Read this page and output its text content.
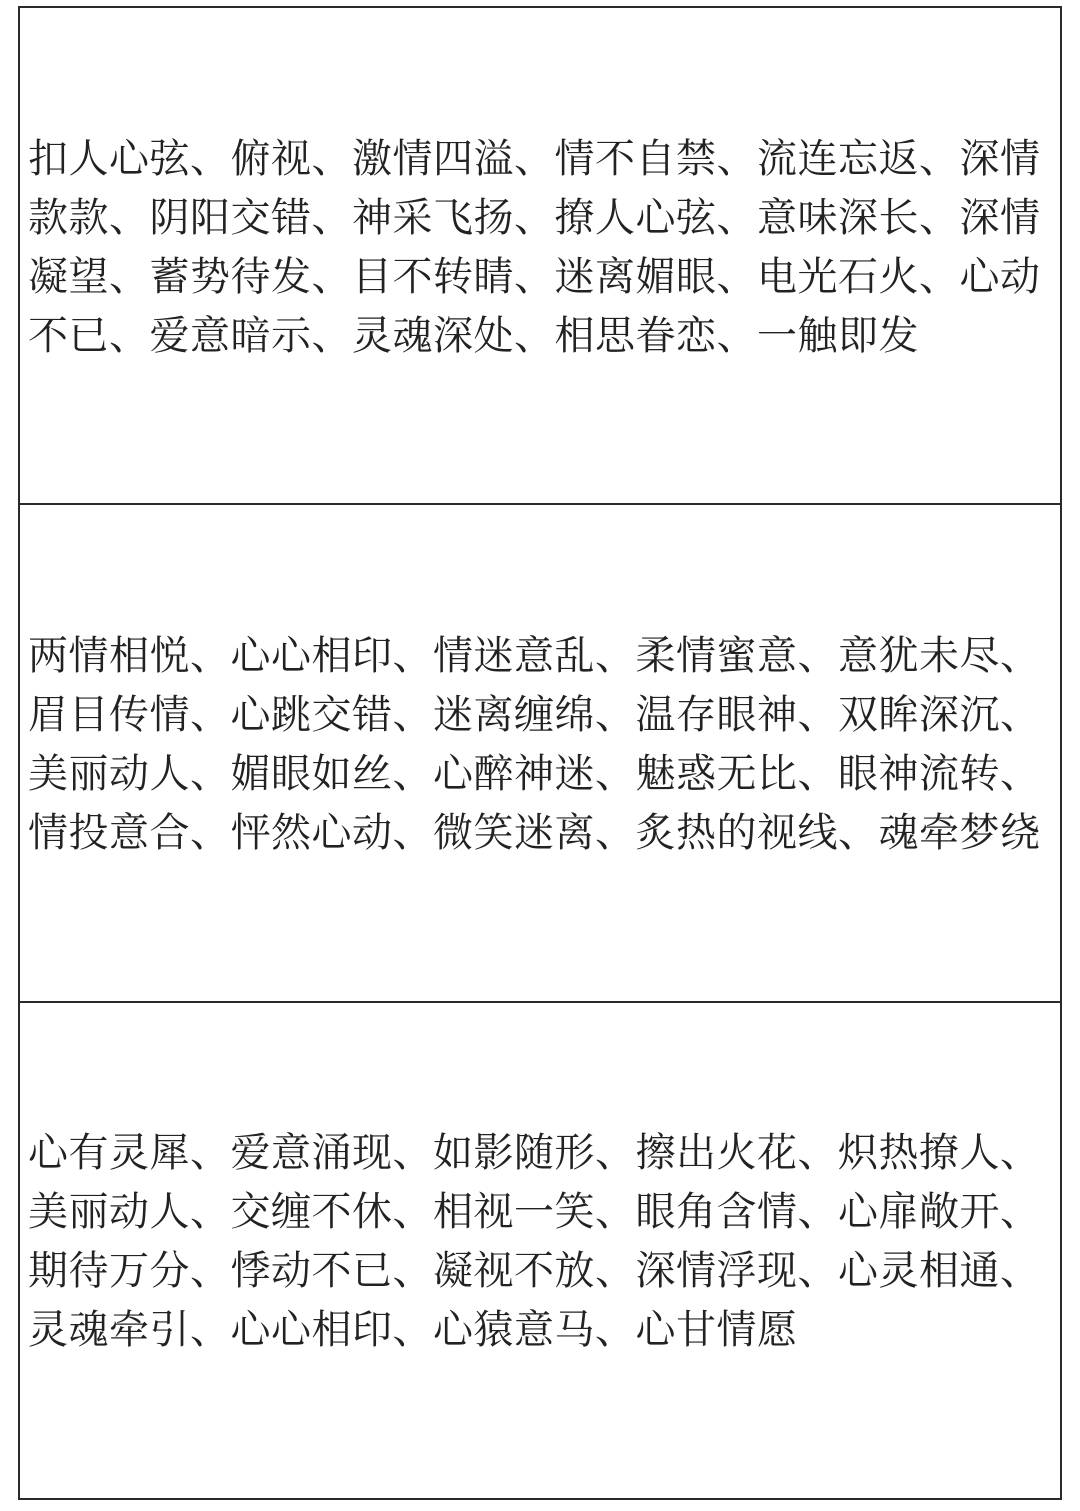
扣人心弦、俯视、激情四溢、情不自禁、流连忘返、深情款款、阴阳交错、神采飞扬、撩人心弦、意味深长、深情凝望、蓄势待发、目不转睛、迷离媚眼、电光石火、心动不已、爱意暗示、灵魂深处、相思眷恋、一触即发

两情相悦、心心相印、情迷意乱、柔情蜜意、意犹未尽、眉目传情、心跳交错、迷离缠绵、温存眼神、双眸深沉、美丽动人、媚眼如丝、心醉神迷、魅惑无比、眼神流转、情投意合、怦然心动、微笑迷离、炙热的视线、魂牵梦绕

心有灵犀、爱意涌现、如影随形、擦出火花、炽热撩人、美丽动人、交缠不休、相视一笑、眼角含情、心扉敞开、期待万分、悸动不已、凝视不放、深情浮现、心灵相通、灵魂牵引、心心相印、心猿意马、心甘情愿
